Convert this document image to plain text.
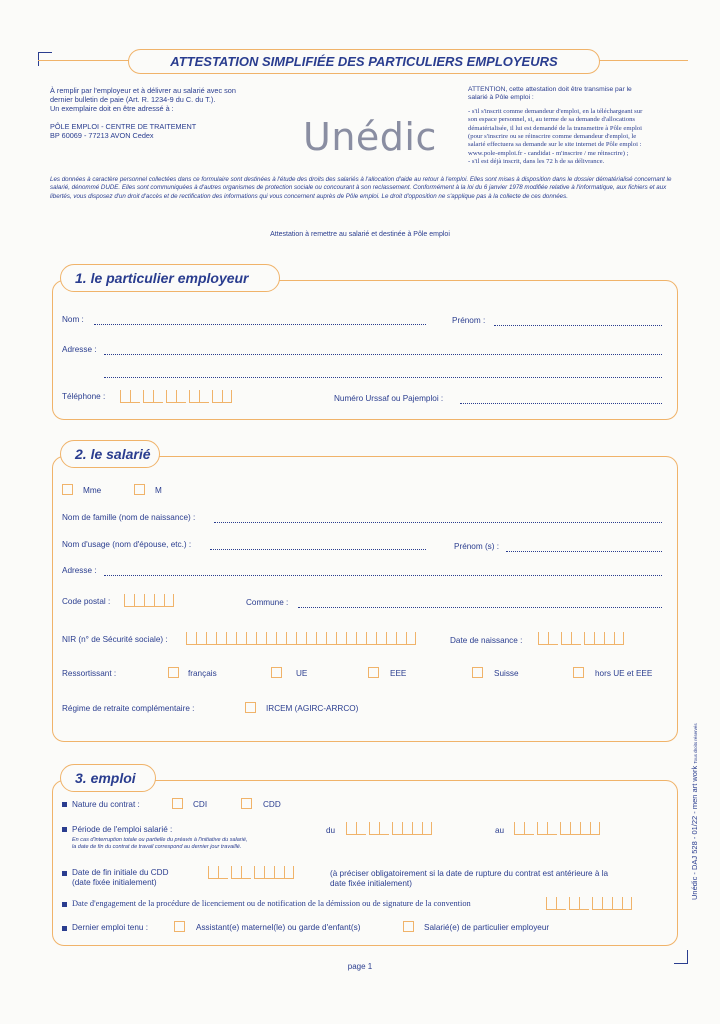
ATTESTATION SIMPLIFIÉE DES PARTICULIERS EMPLOYEURS
À remplir par l'employeur et à délivrer au salarié avec son
dernier bulletin de paie (Art. R. 1234-9 du C. du T.).
Un exemplaire doit en être adressé à :
PÔLE EMPLOI - CENTRE DE TRAITEMENT
BP 60069 - 77213 AVON Cedex	Unédic
ATTENTION, cette attestation doit être transmise par le
salarié à Pôle emploi :
- s'il s'inscrit comme demandeur d'emploi, en la téléchargeant sur
son espace personnel, si, au terme de sa demande d'allocations
dématérialisée, il lui est demandé de la transmettre à Pôle emploi
(pour s'inscrire ou se réinscrire comme demandeur d'emploi, le
salarié effectuera sa demande sur le site internet de Pôle emploi :
www.pole-emploi.fr - candidat - m'inscrire / me réinscrire) ;
- s'il est déjà inscrit, dans les 72 h de sa délivrance.
Les données à caractère personnel collectées dans ce formulaire sont destinées à l'étude des droits des salariés à l'allocation d'aide au retour à l'emploi. Elles sont mises à disposition dans le dossier dématérialisé concernant le salarié, dénommé DUDE. Elles sont communiquées à d'autres organismes de protection sociale ou concourant à son reclassement. Conformément à la loi du 6 janvier 1978 modifiée relative à l'informatique, aux fichiers et aux libertés, vous disposez d'un droit d'accès et de rectification des informations qui vous concernent auprès de Pôle emploi. Le droit d'opposition ne s'applique pas à la collecte de ces données.
Attestation à remettre au salarié et destinée à Pôle emploi
1. le particulier employeur
Nom :	Prénom :
Adresse :
Téléphone :	Numéro Urssaf ou Pajemploi :
2. le salarié
Mme	M
Nom de famille (nom de naissance) :
Nom d'usage (nom d'épouse, etc.) :	Prénom (s) :
Adresse :
Code postal :	Commune :
NIR (n° de Sécurité sociale) :	Date de naissance :
Ressortissant :	français	UE	EEE	Suisse	hors UE et EEE
Régime de retraite complémentaire :	IRCEM (AGIRC-ARRCO)
3. emploi
Nature du contrat :	CDI	CDD
Période de l'emploi salarié :
En cas d'interruption totale ou partielle du préavis à l'initiative du salarié,
la date de fin du contrat de travail correspond au dernier jour travaillé.
du	au
Date de fin initiale du CDD
(date fixée initialement)
(à préciser obligatoirement si la date de rupture du contrat est antérieure à la
date fixée initialement)
Date d'engagement de la procédure de licenciement ou de notification de la démission ou de signature de la convention
Dernier emploi tenu :	Assistant(e) maternel(le) ou garde d'enfant(s)	Salarié(e) de particulier employeur
page 1
Unédic - DAJ 528 - 01/22 - men art work Tous droits réservés
